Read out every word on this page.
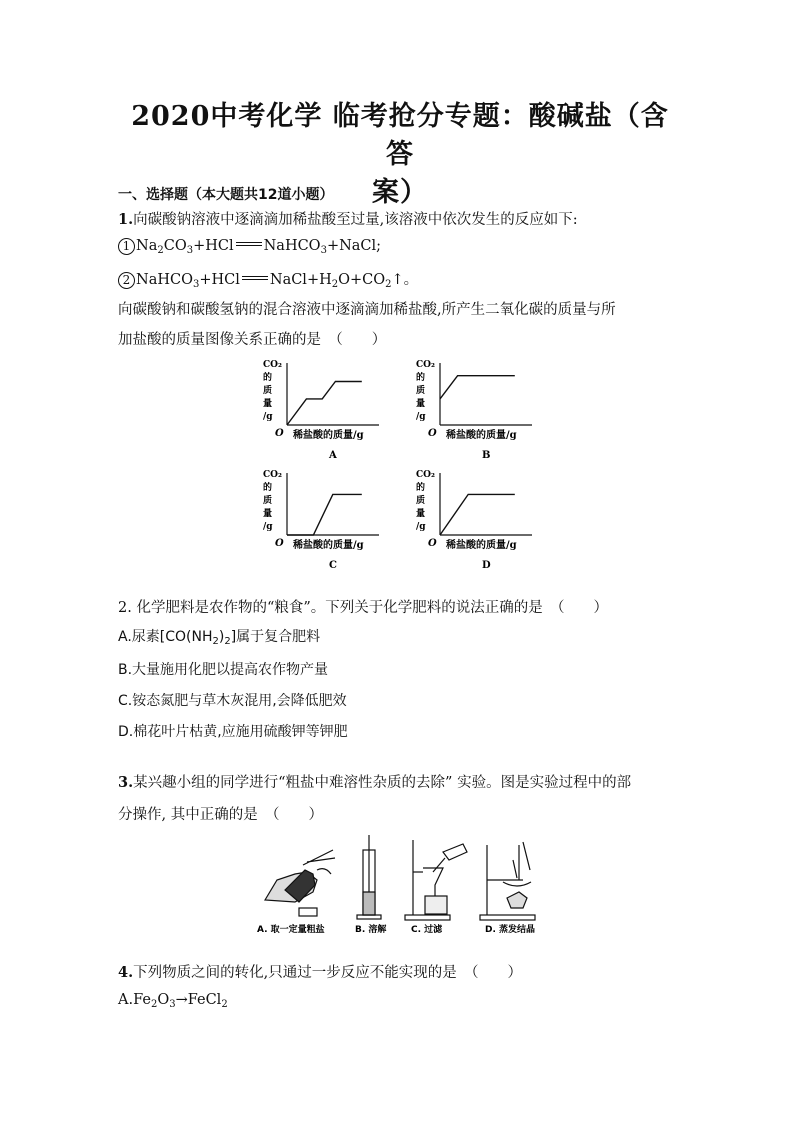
2020中考化学 临考抢分专题：酸碱盐（含答
案）
一、选择题（本大题共12道小题）
1.向碳酸钠溶液中逐滴滴加稀盐酸至过量,该溶液中依次发生的反应如下:
1 $Na_2CO_3+HCl$ NaHCO$_3$+NaCl;
2 NaHCO$_3$+HCl $NaCl+H_2O+CO_2↑$。
向碳酸钠和碳酸氢钠的混合溶液中逐滴滴加稀盐酸,所产生二氧化碳的质量与所
加盐酸的质量图像关系正确的是　（　　）
CO₂
的
质
量
/g
O 稀盐酸的质量/g
A
CO₂
的
质
量
/g
O 稀盐酸的质量/g
B
CO₂
的
质
量
/g
O 稀盐酸的质量/g
C
CO₂
的
质
量
/g
O 稀盐酸的质量/g
D
2. 化学肥料是农作物的“粮食”。下列关于化学肥料的说法正确的是　（　　）
A.尿素$[CO(NH_2)_2]$属于复合肥料
B.大量施用化肥以提高农作物产量
C.铵态氮肥与草木灰混用,会降低肥效
D.棉花叶片枯黄,应施用硫酸钾等钾肥
3.某兴趣小组的同学进行“粗盐中难溶性杂质的去除” 实验。图是实验过程中的部
分操作, 其中正确的是　（　　）
A. 取一定量粗盐	B. 溶解	C. 过滤	D. 蒸发结晶
4.下列物质之间的转化,只通过一步反应不能实现的是　（　　）
$A.Fe_2O_3\to FeCl_2$
